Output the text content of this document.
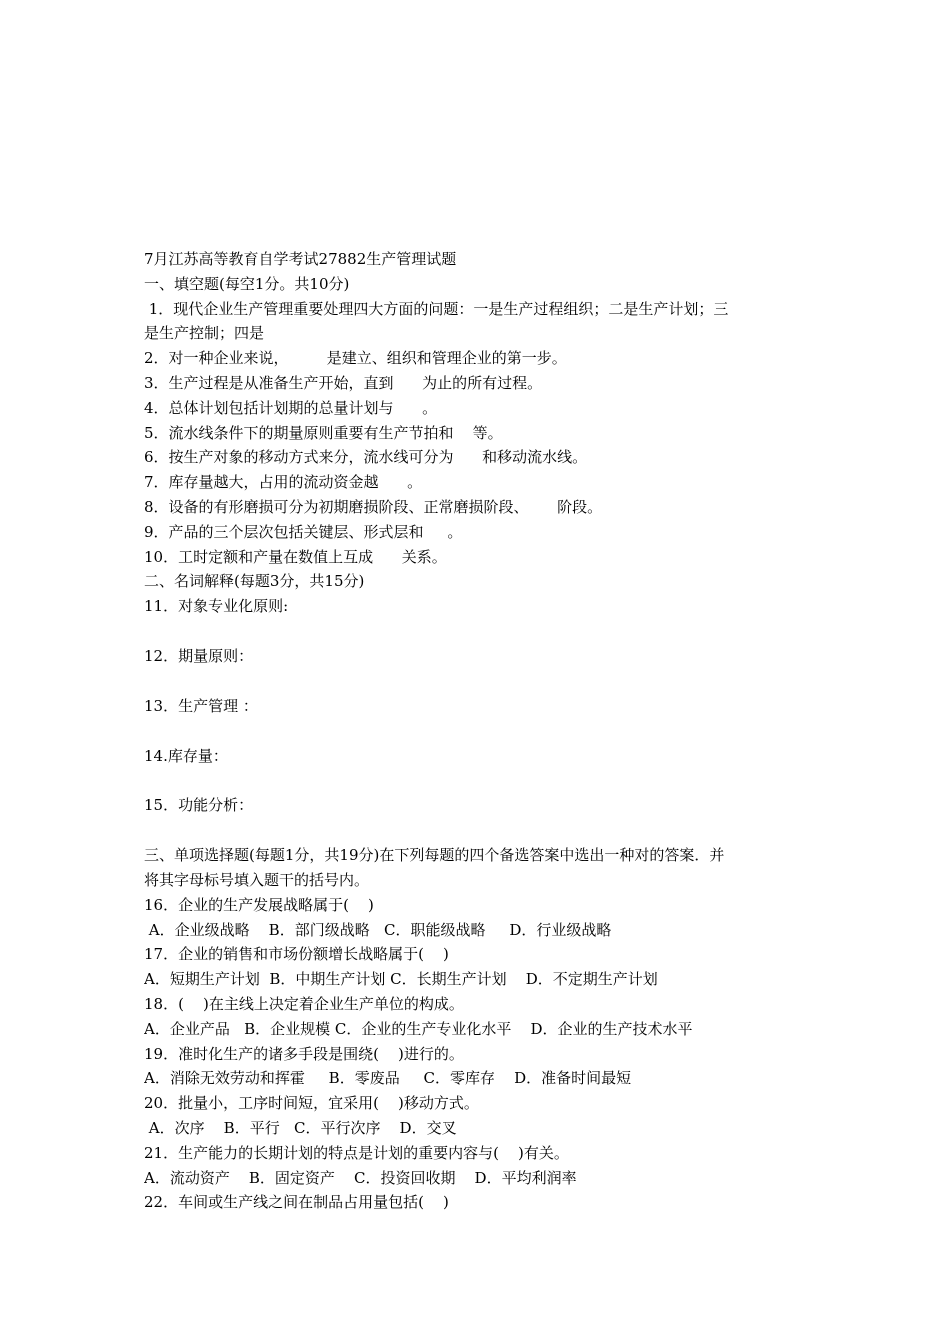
7月江苏高等教育自学考试27882生产管理试题
一、填空题(每空1分。共10分)
1．现代企业生产管理重要处理四大方面的问题：一是生产过程组织；二是生产计划；三
是生产控制；四是
2．对一种企业来说，        是建立、组织和管理企业的第一步。
3．生产过程是从准备生产开始，直到      为止的所有过程。
4．总体计划包括计划期的总量计划与      。
5．流水线条件下的期量原则重要有生产节拍和    等。
6．按生产对象的移动方式来分，流水线可分为      和移动流水线。
7．库存量越大，占用的流动资金越      。
8．设备的有形磨损可分为初期磨损阶段、正常磨损阶段、      阶段。
9．产品的三个层次包括关键层、形式层和     。
10．工时定额和产量在数值上互成      关系。
二、名词解释(每题3分，共15分)
11．对象专业化原则:
12．期量原则：
13．生产管理 ：
14.库存量：
15．功能分析：
三、单项选择题(每题1分，共19分)在下列每题的四个备选答案中选出一种对的答案．并
将其字母标号填入题干的括号内。
16．企业的生产发展战略属于(    )
A．企业级战略    B．部门级战略   C．职能级战略     D．行业级战略
17．企业的销售和市场份额增长战略属于(    )
A．短期生产计划  B．中期生产计划 C．长期生产计划    D．不定期生产计划
18．(    )在主线上决定着企业生产单位的构成。
A．企业产品   B．企业规模 C．企业的生产专业化水平    D．企业的生产技术水平
19．准时化生产的诸多手段是围绕(    )进行的。
A．消除无效劳动和挥霍     B．零废品     C．零库存    D．准备时间最短
20．批量小，工序时间短，宜采用(    )移动方式。
A．次序    B．平行   C．平行次序    D．交叉
21．生产能力的长期计划的特点是计划的重要内容与(    )有关。
A．流动资产    B．固定资产    C．投资回收期    D．平均利润率
22．车间或生产线之间在制品占用量包括(    )
